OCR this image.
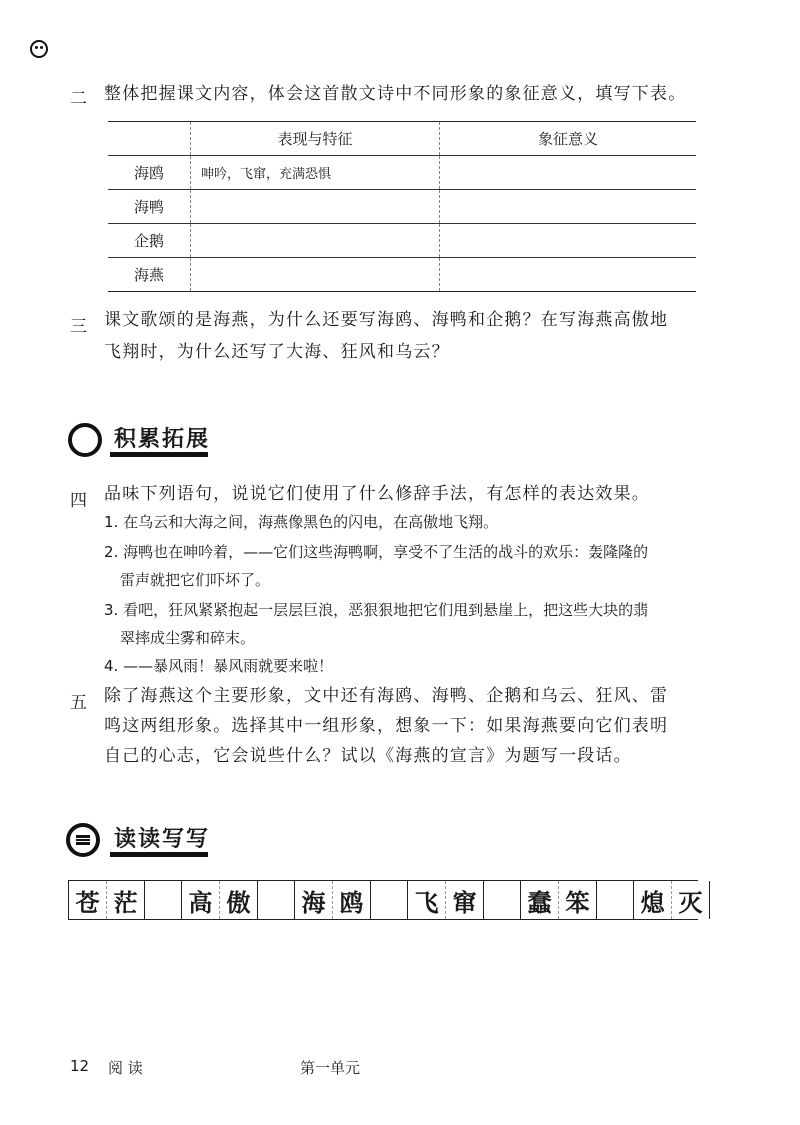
二 整体把握课文内容，体会这首散文诗中不同形象的象征意义，填写下表。
	表现与特征	象征意义
海鸥	呻吟，飞窜，充满恐惧	
海鸭		
企鹅		
海燕		
三 课文歌颂的是海燕，为什么还要写海鸥、海鸭和企鹅？在写海燕高傲地
飞翔时，为什么还写了大海、狂风和乌云？
积累拓展
四 品味下列语句，说说它们使用了什么修辞手法，有怎样的表达效果。
1. 在乌云和大海之间，海燕像黑色的闪电，在高傲地飞翔。
2. 海鸭也在呻吟着，——它们这些海鸭啊，享受不了生活的战斗的欢乐：轰隆隆的
雷声就把它们吓坏了。
3. 看吧，狂风紧紧抱起一层层巨浪，恶狠狠地把它们甩到悬崖上，把这些大块的翡
翠摔成尘雾和碎末。
4. ——暴风雨！暴风雨就要来啦！
五 除了海燕这个主要形象，文中还有海鸥、海鸭、企鹅和乌云、狂风、雷
鸣这两组形象。选择其中一组形象，想象一下：如果海燕要向它们表明
自己的心志，它会说些什么？试以《海燕的宣言》为题写一段话。
读读写写
苍 茫 高 傲 海 鸥 飞 窜 蠢 笨 熄 灭
12 阅 读	第一单元
